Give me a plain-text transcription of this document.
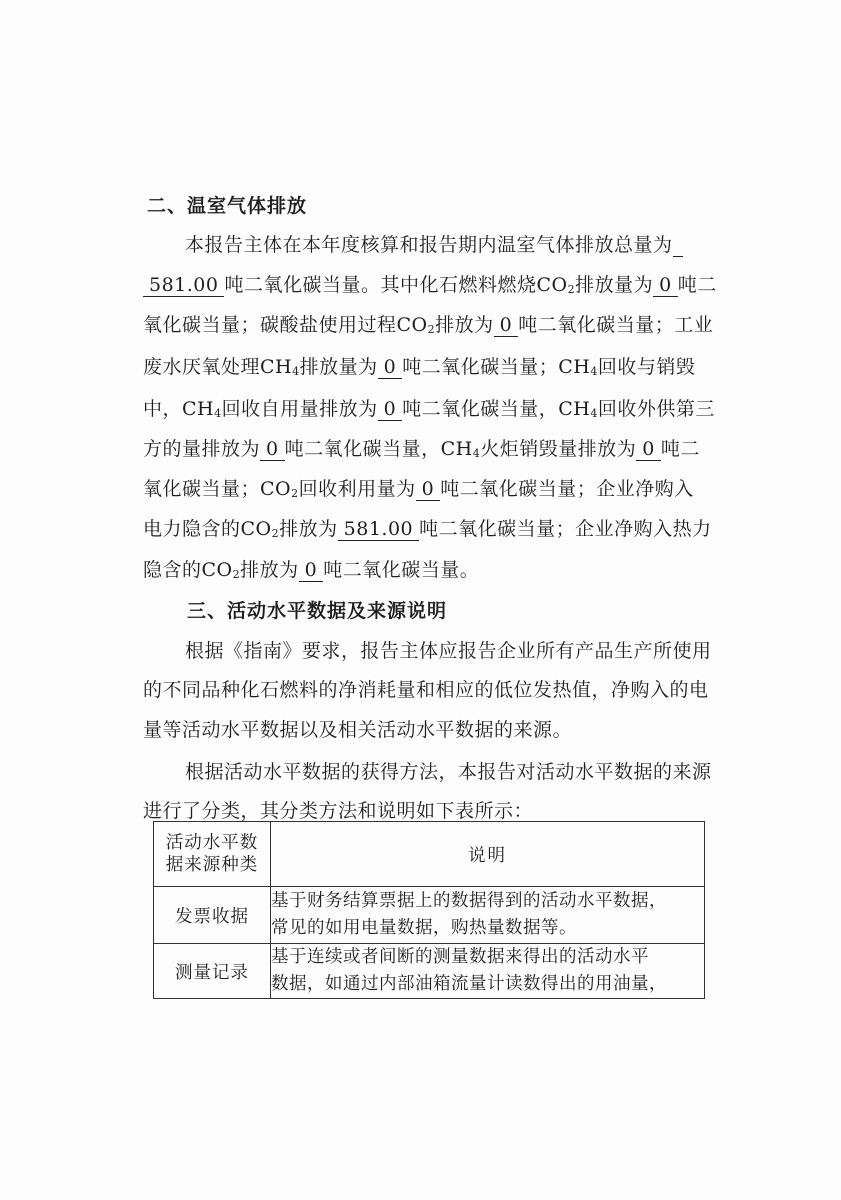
二、温室气体排放
本报告主体在本年度核算和报告期内温室气体排放总量为
581.00 吨二氧化碳当量。其中化石燃料燃烧$CO_2$排放量为 0 吨二
氧化碳当量；碳酸盐使用过程$CO_2$排放为 0 吨二氧化碳当量；工业
废水厌氧处理$CH_4$排放量为 0 吨二氧化碳当量；$CH_4$回收与销毁
中，$CH_4$回收自用量排放为 0 吨二氧化碳当量，$CH_4$回收外供第三
方的量排放为 0 吨二氧化碳当量，$CH_4$火炬销毁量排放为 0 吨二
氧化碳当量；$CO_2$回收利用量为 0 吨二氧化碳当量；企业净购入
电力隐含的$CO_2$排放为 581.00 吨二氧化碳当量；企业净购入热力
隐含的$CO_2$排放为 0 吨二氧化碳当量。
三、活动水平数据及来源说明
根据《指南》要求，报告主体应报告企业所有产品生产所使用
的不同品种化石燃料的净消耗量和相应的低位发热值，净购入的电
量等活动水平数据以及相关活动水平数据的来源。
根据活动水平数据的获得方法，本报告对活动水平数据的来源
进行了分类，其分类方法和说明如下表所示：
活动水平数
据来源种类	说明
发票收据	基于财务结算票据上的数据得到的活动水平数据，
常见的如用电量数据，购热量数据等。

测量记录	基于连续或者间断的测量数据来得出的活动水平
数据，如通过内部油箱流量计读数得出的用油量，
